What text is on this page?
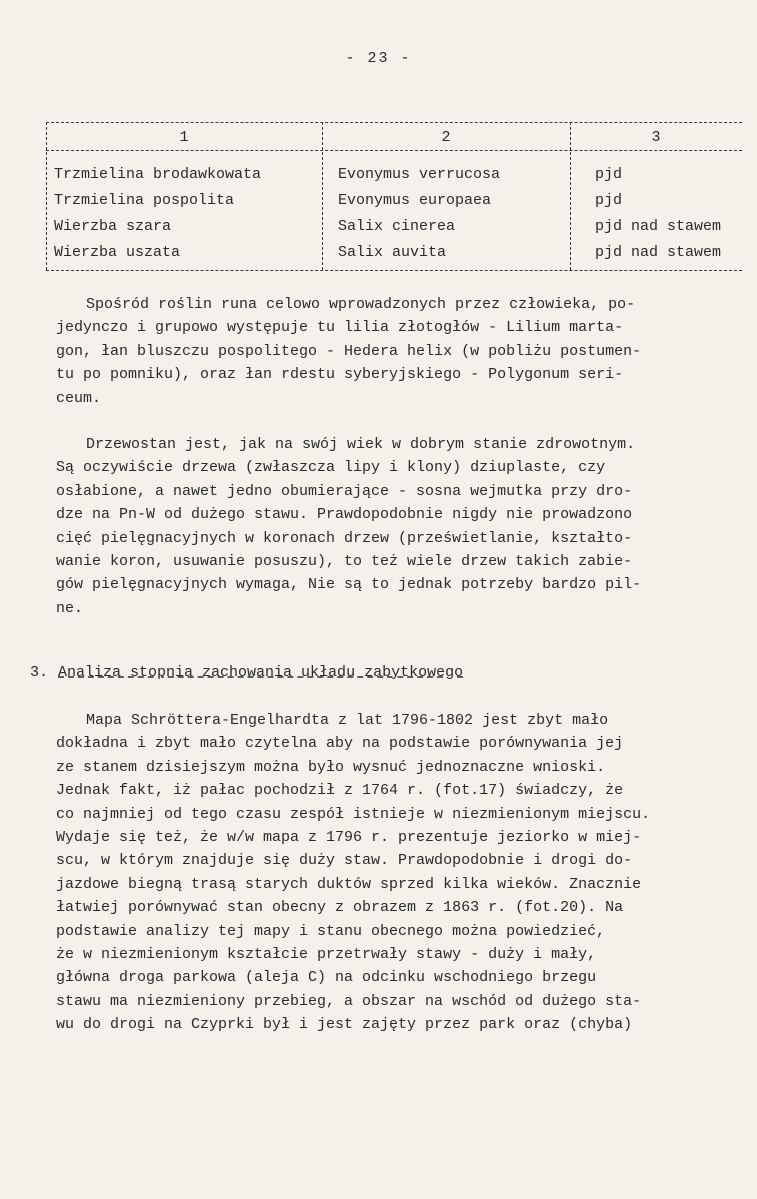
- 23 -
1	2	3
Trzmielina brodawkowata	Evonymus verrucosa	pjd
Trzmielina pospolita	Evonymus europaea	pjd
Wierzba szara	Salix cinerea	pjd nad stawem
Wierzba uszata	Salix auvita	pjd nad stawem
Spośród roślin runa celowo wprowadzonych przez człowieka, po-
jedynczo i grupowo występuje tu lilia złotogłów - Lilium marta-
gon, łan bluszczu pospolitego - Hedera helix (w pobliżu postumen-
tu po pomniku), oraz łan rdestu syberyjskiego - Polygonum seri-
ceum.
Drzewostan jest, jak na swój wiek w dobrym stanie zdrowotnym.
Są oczywiście drzewa (zwłaszcza lipy i klony) dziuplaste, czy
osłabione, a nawet jedno obumierające - sosna wejmutka przy dro-
dze na Pn-W od dużego stawu. Prawdopodobnie nigdy nie prowadzono
cięć pielęgnacyjnych w koronach drzew (prześwietlanie, kształto-
wanie koron, usuwanie posuszu), to też wiele drzew takich zabie-
gów pielęgnacyjnych wymaga, Nie są to jednak potrzeby bardzo pil-
ne.
3. Analiza stopnia zachowania układu zabytkowego
Mapa Schröttera-Engelhardta z lat 1796-1802 jest zbyt mało
dokładna i zbyt mało czytelna aby na podstawie porównywania jej
ze stanem dzisiejszym można było wysnuć jednoznaczne wnioski.
Jednak fakt, iż pałac pochodził z 1764 r. (fot.17) świadczy, że
co najmniej od tego czasu zespół istnieje w niezmienionym miejscu.
Wydaje się też, że w/w mapa z 1796 r. prezentuje jeziorko w miej-
scu, w którym znajduje się duży staw. Prawdopodobnie i drogi do-
jazdowe biegną trasą starych duktów sprzed kilka wieków. Znacznie
łatwiej porównywać stan obecny z obrazem z 1863 r. (fot.20). Na
podstawie analizy tej mapy i stanu obecnego można powiedzieć,
że w niezmienionym kształcie przetrwały stawy - duży i mały,
główna droga parkowa (aleja C) na odcinku wschodniego brzegu
stawu ma niezmieniony przebieg, a obszar na wschód od dużego sta-
wu do drogi na Czyprki był i jest zajęty przez park oraz (chyba)
